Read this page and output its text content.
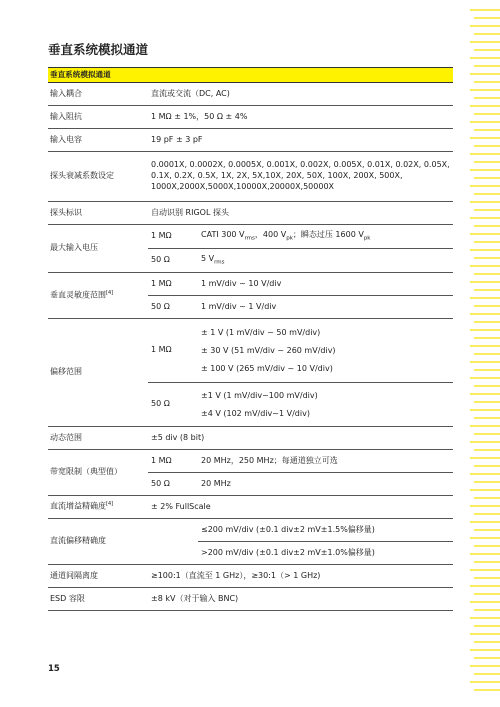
垂直系统模拟通道
垂直系统模拟通道		
输入耦合	直流或交流（DC, AC)	
输入阻抗	1 MΩ ± 1%，50 Ω ± 4%	
输入电容	19 pF ± 3 pF	
探头衰减系数设定	0.0001X, 0.0002X, 0.0005X, 0.001X, 0.002X, 0.005X, 0.01X, 0.02X, 0.05X, 0.1X, 0.2X, 0.5X, 1X, 2X, 5X,10X, 20X, 50X, 100X, 200X, 500X, 1000X,2000X,5000X,10000X,20000X,50000X	
探头标识	自动识别 RIGOL 探头	
最大输入电压	1 MΩ	CATI 300 $V_{rms}$，400 $V_{pk}$；瞬态过压 1600 $V_{pk}$
	50 Ω	5 $V_{rms}$
垂直灵敏度范围[4]	1 MΩ	1 mV/div ~ 10 V/div
	50 Ω	1 mV/div ~ 1 V/div
偏移范围	1 MΩ	± 1 V (1 mV/div ~ 50 mV/div)
± 30 V (51 mV/div ~ 260 mV/div)
± 100 V (265 mV/div ~ 10 V/div)

	50 Ω	±1 V (1 mV/div~100 mV/div)
±4 V (102 mV/div~1 V/div)

动态范围	±5 div (8 bit)	
带宽限制（典型值）	1 MΩ	20 MHz，250 MHz；每通道独立可选
	50 Ω	20 MHz
直流增益精确度[4]	± 2% FullScale	
直流偏移精确度		≤200 mV/div (±0.1 div±2 mV±1.5%偏移量)
		>200 mV/div (±0.1 div±2 mV±1.0%偏移量)
通道间隔离度	≥100:1（直流至 1 GHz），≥30:1（> 1 GHz)	
ESD 容限	±8 kV（对于输入 BNC)	

15
